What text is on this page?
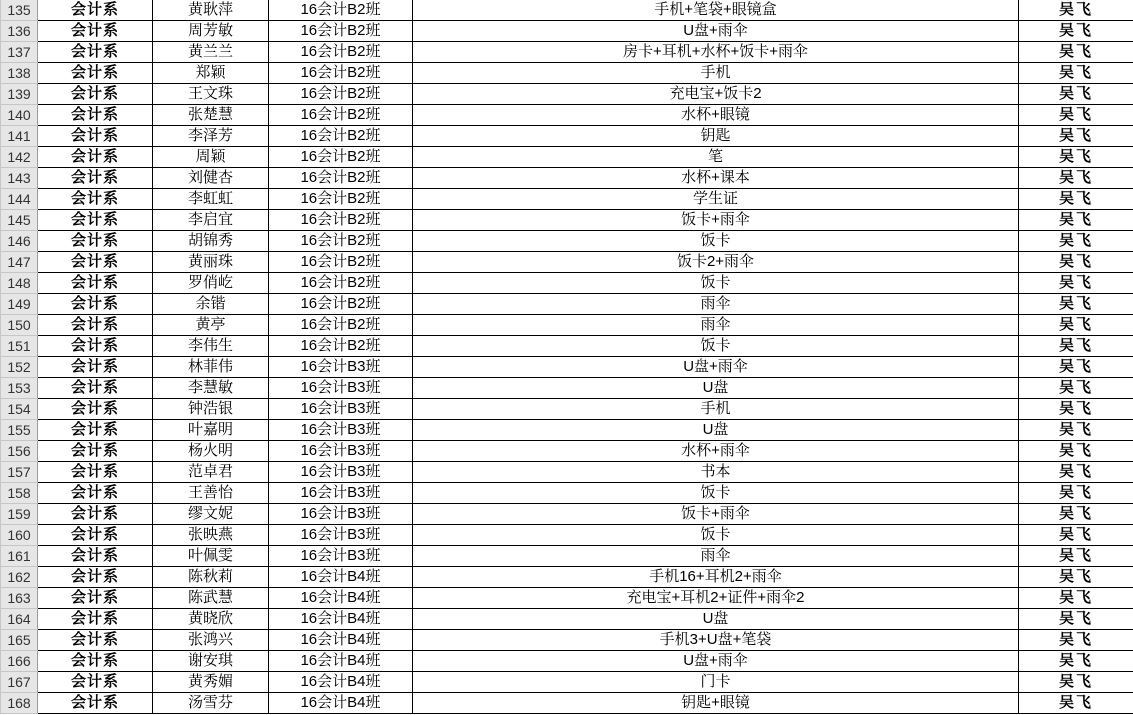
135	会计系	黄耿萍	16会计B2班	手机+笔袋+眼镜盒	吴飞
136	会计系	周芳敏	16会计B2班	U盘+雨伞	吴飞
137	会计系	黄兰兰	16会计B2班	房卡+耳机+水杯+饭卡+雨伞	吴飞
138	会计系	郑颖	16会计B2班	手机	吴飞
139	会计系	王文珠	16会计B2班	充电宝+饭卡2	吴飞
140	会计系	张楚慧	16会计B2班	水杯+眼镜	吴飞
141	会计系	李泽芳	16会计B2班	钥匙	吴飞
142	会计系	周颖	16会计B2班	笔	吴飞
143	会计系	刘健杏	16会计B2班	水杯+课本	吴飞
144	会计系	李虹虹	16会计B2班	学生证	吴飞
145	会计系	李启宜	16会计B2班	饭卡+雨伞	吴飞
146	会计系	胡锦秀	16会计B2班	饭卡	吴飞
147	会计系	黄丽珠	16会计B2班	饭卡2+雨伞	吴飞
148	会计系	罗俏屹	16会计B2班	饭卡	吴飞
149	会计系	余锴	16会计B2班	雨伞	吴飞
150	会计系	黄亭	16会计B2班	雨伞	吴飞
151	会计系	李伟生	16会计B2班	饭卡	吴飞
152	会计系	林菲伟	16会计B3班	U盘+雨伞	吴飞
153	会计系	李慧敏	16会计B3班	U盘	吴飞
154	会计系	钟浩银	16会计B3班	手机	吴飞
155	会计系	叶嘉明	16会计B3班	U盘	吴飞
156	会计系	杨火明	16会计B3班	水杯+雨伞	吴飞
157	会计系	范卓君	16会计B3班	书本	吴飞
158	会计系	王善怡	16会计B3班	饭卡	吴飞
159	会计系	缪文妮	16会计B3班	饭卡+雨伞	吴飞
160	会计系	张映燕	16会计B3班	饭卡	吴飞
161	会计系	叶佩雯	16会计B3班	雨伞	吴飞
162	会计系	陈秋莉	16会计B4班	手机16+耳机2+雨伞	吴飞
163	会计系	陈武慧	16会计B4班	充电宝+耳机2+证件+雨伞2	吴飞
164	会计系	黄晓欣	16会计B4班	U盘	吴飞
165	会计系	张鸿兴	16会计B4班	手机3+U盘+笔袋	吴飞
166	会计系	谢安琪	16会计B4班	U盘+雨伞	吴飞
167	会计系	黄秀媚	16会计B4班	门卡	吴飞
168	会计系	汤雪芬	16会计B4班	钥匙+眼镜	吴飞
